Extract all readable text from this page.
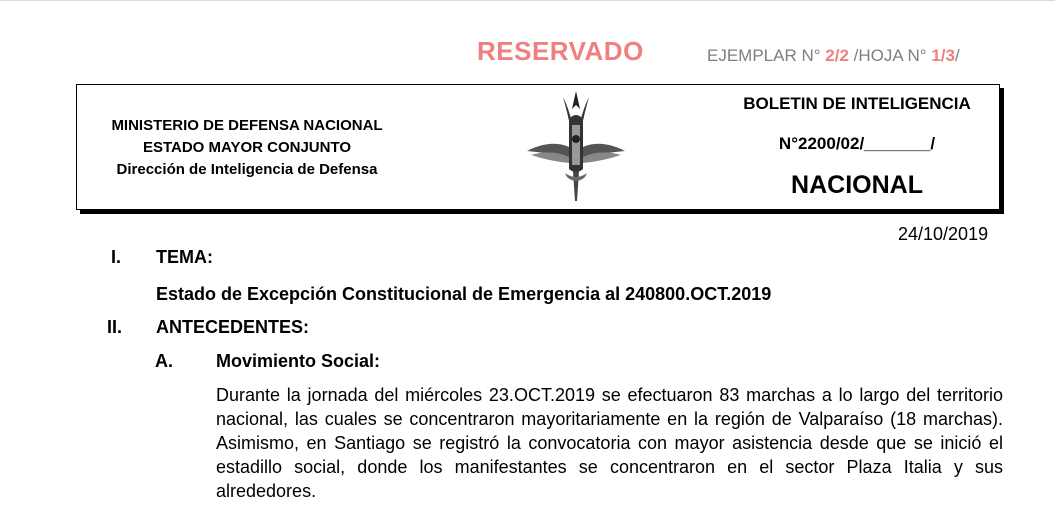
RESERVADO	EJEMPLAR N° 2/2 /HOJA N° 1/3/
MINISTERIO DE DEFENSA NACIONAL
ESTADO MAYOR CONJUNTO
Dirección de Inteligencia de Defensa
BOLETIN DE INTELIGENCIA
N°2200/02/_______/
NACIONAL
24/10/2019
I. TEMA:
Estado de Excepción Constitucional de Emergencia al 240800.OCT.2019
II. ANTECEDENTES:
A. Movimiento Social:
Durante la jornada del miércoles 23.OCT.2019 se efectuaron 83 marchas a lo largo del territorio nacional, las cuales se concentraron mayoritariamente en la región de Valparaíso (18 marchas). Asimismo, en Santiago se registró la convocatoria con mayor asistencia desde que se inició el estadillo social, donde los manifestantes se concentraron en el sector Plaza Italia y sus alrededores.
